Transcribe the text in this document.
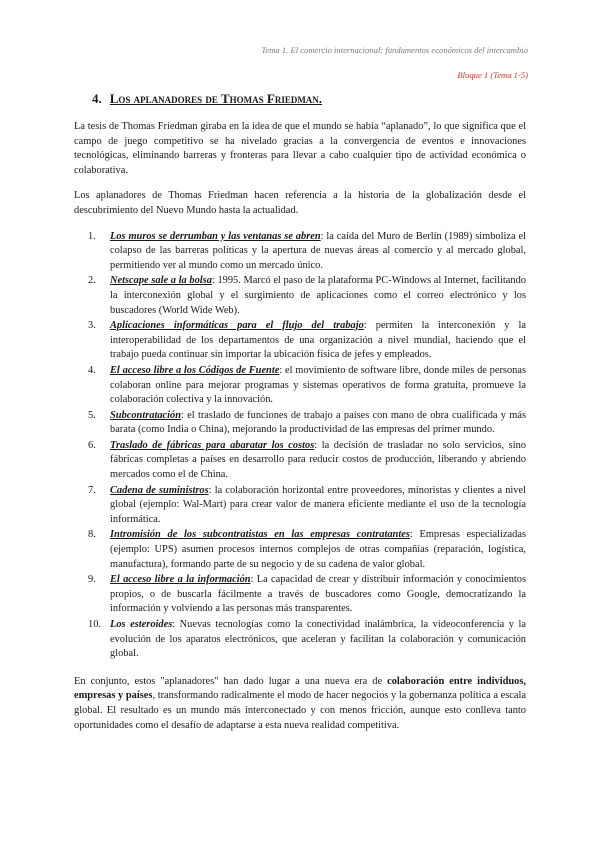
Tema 1. El comercio internacional: fundamentos económicos del intercambio
Bloque 1 (Tema 1-5)
4. Los aplanadores de Thomas Friedman.

La tesis de Thomas Friedman giraba en la idea de que el mundo se había “aplanado”, lo que significa que el campo de juego competitivo se ha nivelado gracias a la convergencia de eventos e innovaciones tecnológicas, eliminando barreras y fronteras para llevar a cabo cualquier tipo de actividad económica o colaborativa.

Los aplanadores de Thomas Friedman hacen referencia a la historia de la globalización desde el descubrimiento del Nuevo Mundo hasta la actualidad.

1.	Los muros se derrumban y las ventanas se abren: la caída del Muro de Berlín (1989) simboliza el colapso de las barreras políticas y la apertura de nuevas áreas al comercio y al mercado global, permitiendo ver al mundo como un mercado único.
2.	Netscape sale a la bolsa: 1995. Marcó el paso de la plataforma PC-Windows al Internet, facilitando la interconexión global y el surgimiento de aplicaciones como el correo electrónico y los buscadores (World Wide Web).
3.	Aplicaciones informáticas para el flujo del trabajo: permiten la interconexión y la interoperabilidad de los departamentos de una organización a nivel mundial, haciendo que el trabajo pueda continuar sin importar la ubicación física de jefes y empleados.
4.	El acceso libre a los Códigos de Fuente: el movimiento de software libre, donde miles de personas colaboran online para mejorar programas y sistemas operativos de forma gratuita, promueve la colaboración colectiva y la innovación.
5.	Subcontratación: el traslado de funciones de trabajo a países con mano de obra cualificada y más barata (como India o China), mejorando la productividad de las empresas del primer mundo.
6.	Traslado de fábricas para abaratar los costos: la decisión de trasladar no solo servicios, sino fábricas completas a países en desarrollo para reducir costos de producción, liberando y abriendo mercados como el de China.
7.	Cadena de suministros: la colaboración horizontal entre proveedores, minoristas y clientes a nivel global (ejemplo: Wal-Mart) para crear valor de manera eficiente mediante el uso de la tecnología informática.
8.	Intromisión de los subcontratistas en las empresas contratantes: Empresas especializadas (ejemplo: UPS) asumen procesos internos complejos de otras compañías (reparación, logística, manufactura), formando parte de su negocio y de su cadena de valor global.
9.	El acceso libre a la información: La capacidad de crear y distribuir información y conocimientos propios, o de buscarla fácilmente a través de buscadores como Google, democratizando la información y volviendo a las personas más transparentes.
10. Los esteroides: Nuevas tecnologías como la conectividad inalámbrica, la videoconferencia y la evolución de los aparatos electrónicos, que aceleran y facilitan la colaboración y comunicación global.

En conjunto, estos "aplanadores" han dado lugar a una nueva era de colaboración entre individuos, empresas y países, transformando radicalmente el modo de hacer negocios y la gobernanza política a escala global. El resultado es un mundo más interconectado y con menos fricción, aunque esto conlleva tanto oportunidades como el desafío de adaptarse a esta nueva realidad competitiva.
